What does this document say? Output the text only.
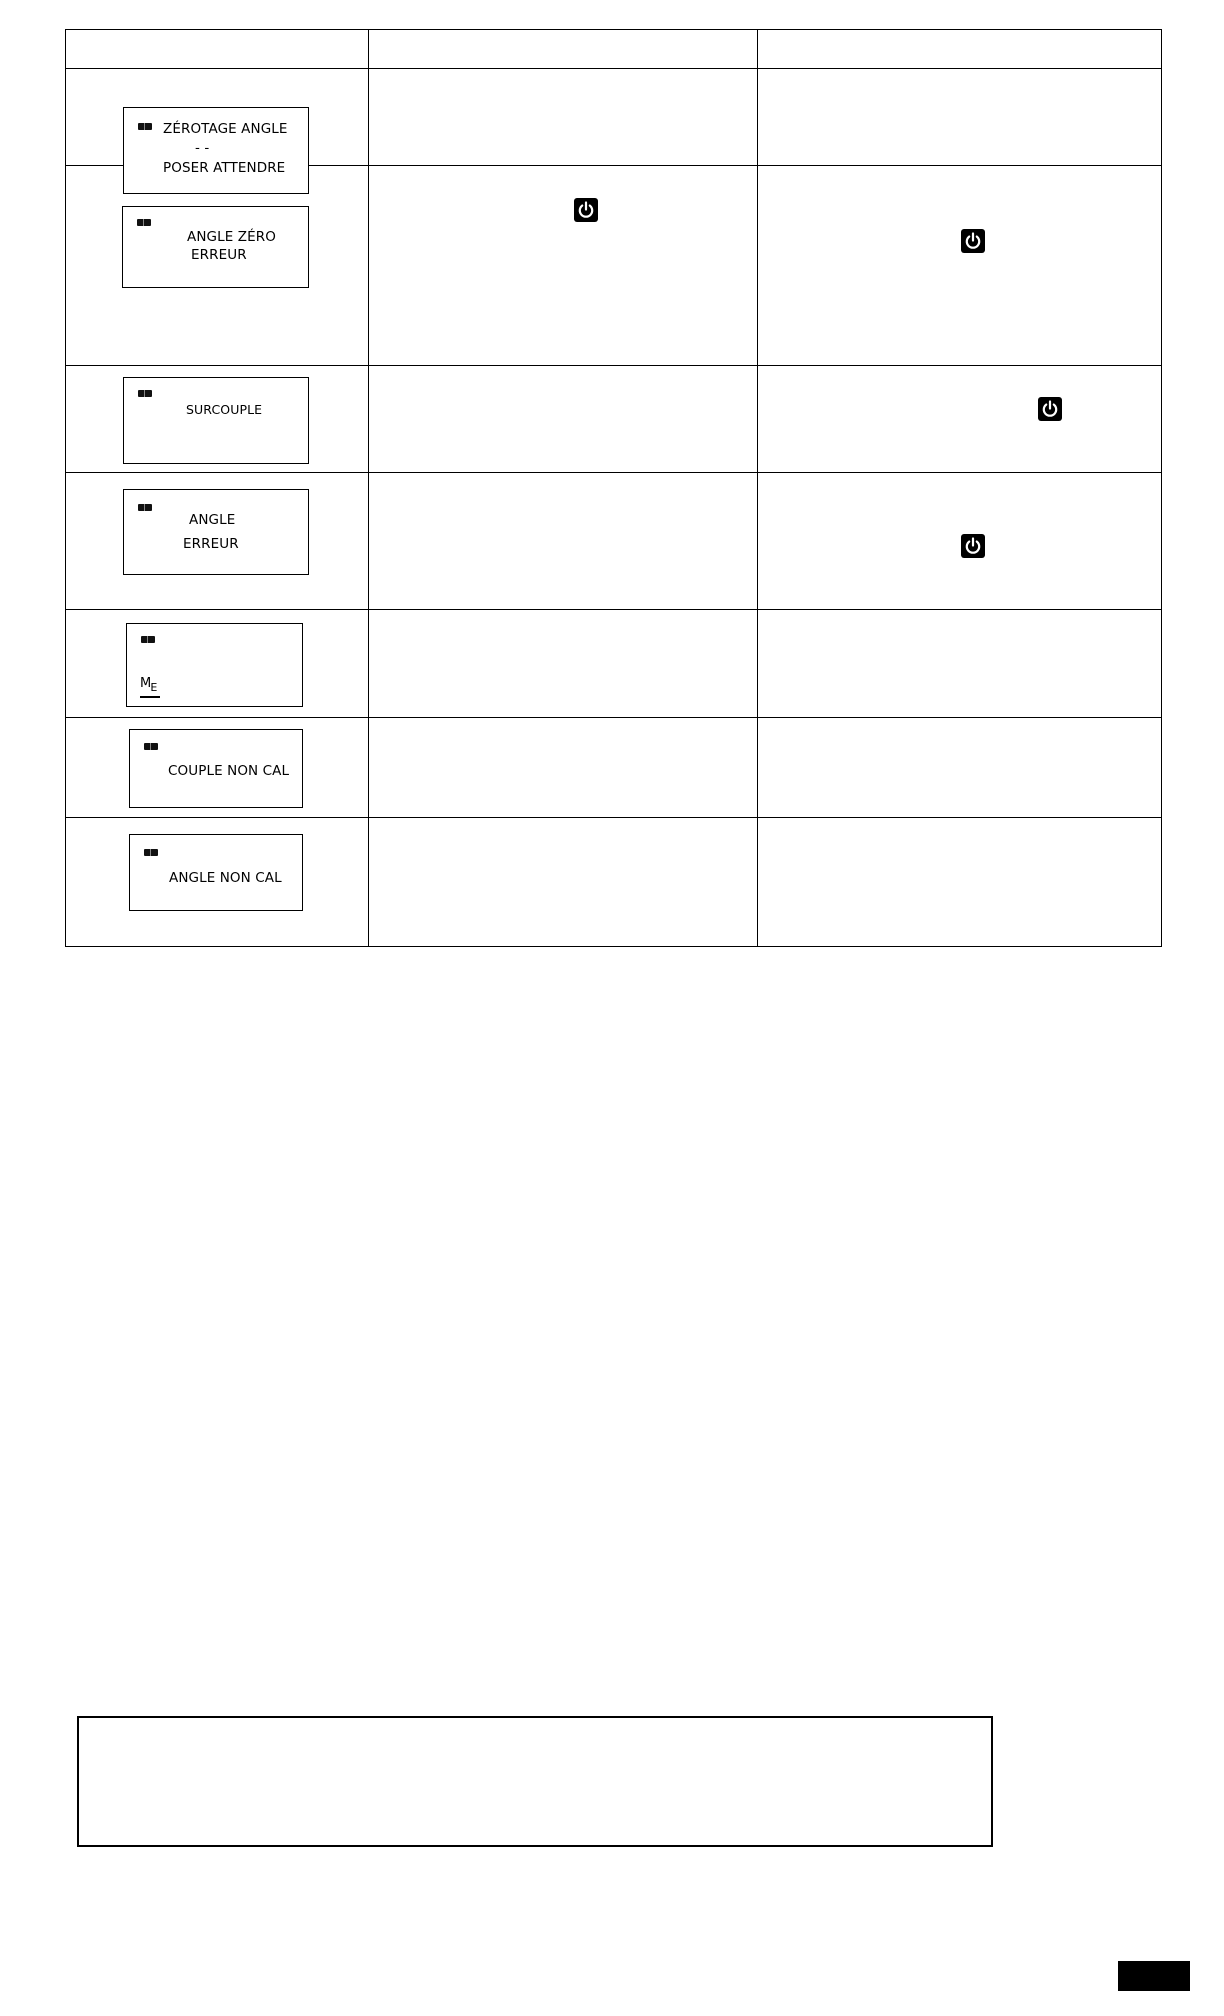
ZÉROTAGE ANGLE
- -
POSER ATTENDRE		

ANGLE ZÉRO
ERREUR

SURCOUPLE

ANGLE
ERREUR

$M_E$

COUPLE NON CAL		

ANGLE NON CAL		
